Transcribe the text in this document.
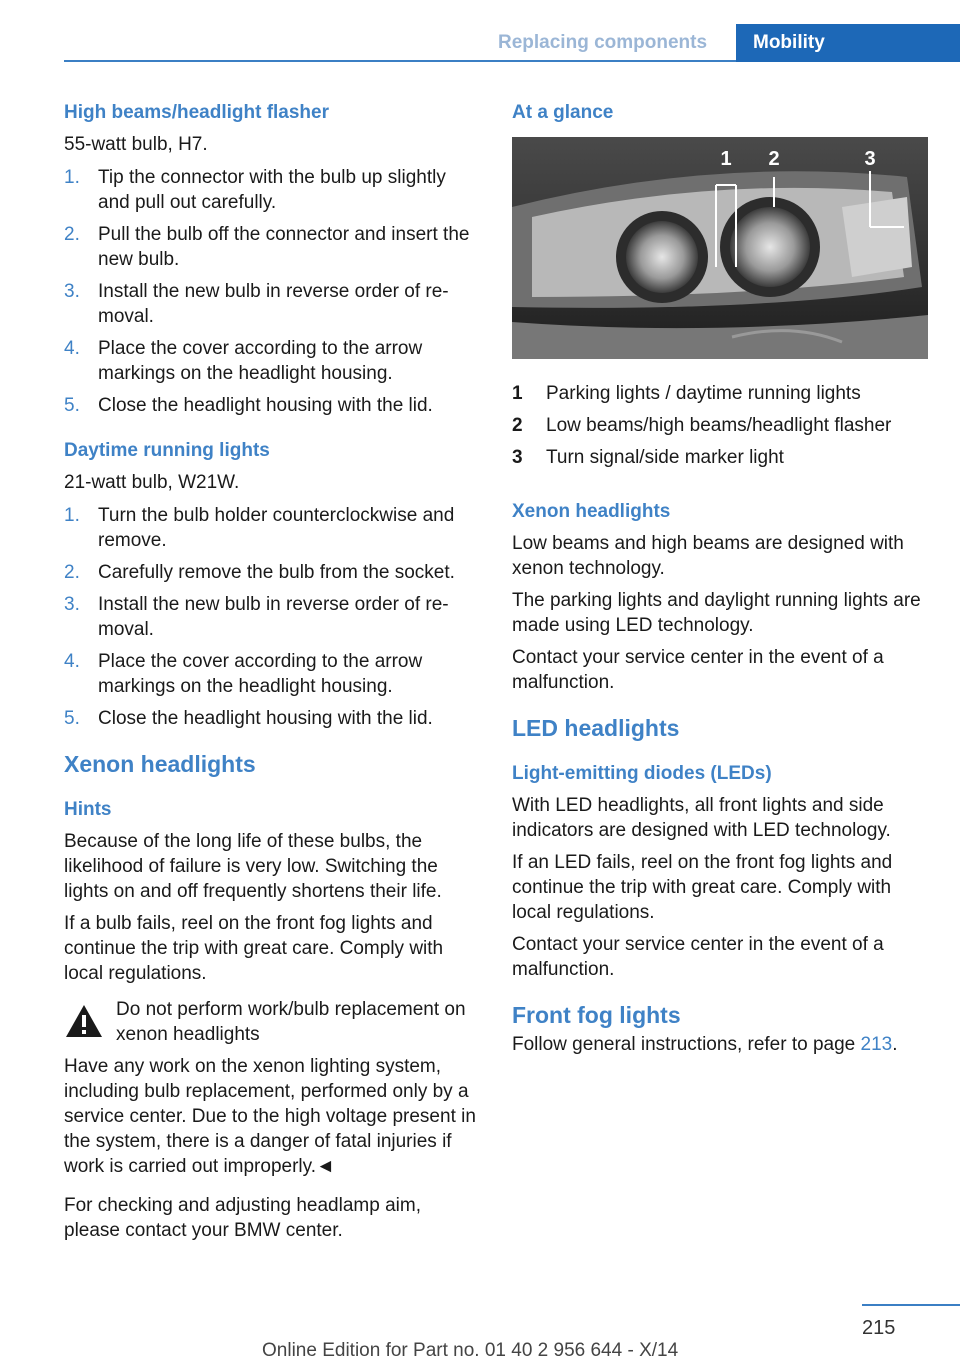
Replacing components	Mobility

High beams/headlight flasher

55-watt bulb, H7.

1. Tip the connector with the bulb up slightly and pull out carefully.
2. Pull the bulb off the connector and insert the new bulb.
3. Install the new bulb in reverse order of removal.
4. Place the cover according to the arrow markings on the headlight housing.
5. Close the headlight housing with the lid.

Daytime running lights

21-watt bulb, W21W.

1. Turn the bulb holder counterclockwise and remove.
2. Carefully remove the bulb from the socket.
3. Install the new bulb in reverse order of removal.
4. Place the cover according to the arrow markings on the headlight housing.
5. Close the headlight housing with the lid.

Xenon headlights

Hints

Because of the long life of these bulbs, the likelihood of failure is very low. Switching the lights on and off frequently shortens their life.

If a bulb fails, reel on the front fog lights and continue the trip with great care. Comply with local regulations.

Do not perform work/bulb replacement on xenon headlights

Have any work on the xenon lighting system, including bulb replacement, performed only by a service center. Due to the high voltage present in the system, there is a danger of fatal injuries if work is carried out improperly.◄

For checking and adjusting headlamp aim, please contact your BMW center.

At a glance

1 2	3
1 Parking lights / daytime running lights
2 Low beams/high beams/headlight flasher
3 Turn signal/side marker light

Xenon headlights

Low beams and high beams are designed with xenon technology.

The parking lights and daylight running lights are made using LED technology.

Contact your service center in the event of a malfunction.

LED headlights

Light-emitting diodes (LEDs)

With LED headlights, all front lights and side indicators are designed with LED technology.

If an LED fails, reel on the front fog lights and continue the trip with great care. Comply with local regulations.

Contact your service center in the event of a malfunction.

Front fog lights

Follow general instructions, refer to page 213.

215
Online Edition for Part no. 01 40 2 956 644 - X/14
